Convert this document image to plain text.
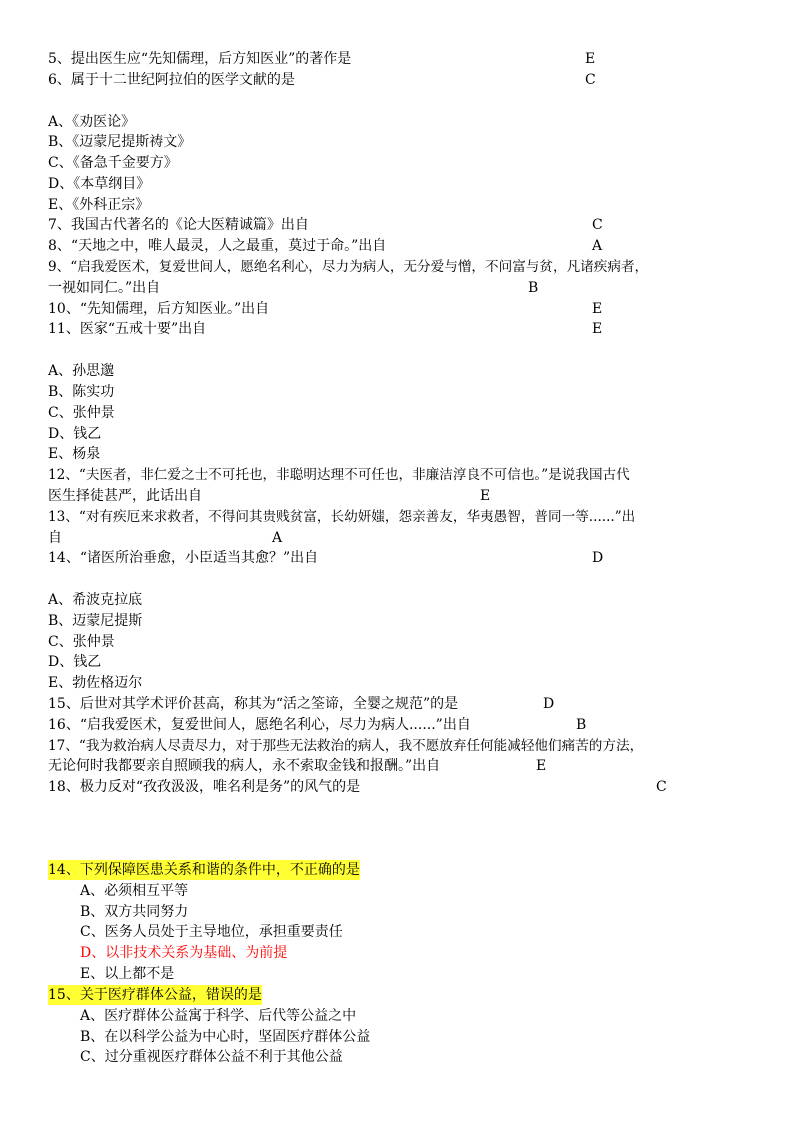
5、提出医生应“先知儒理，后方知医业”的著作是	E
6、属于十二世纪阿拉伯的医学文献的是	C
A、《劝医论》
B、《迈蒙尼提斯祷文》
C、《备急千金要方》
D、《本草纲目》
E、《外科正宗》
7、我国古代著名的《论大医精诚篇》出自	C
8、“天地之中，唯人最灵，人之最重，莫过于命。”出自	A
9、“启我爱医术，复爱世间人，愿绝名利心，尽力为病人，无分爱与憎，不问富与贫，凡诸疾病者，
一视如同仁。”出自	B
10、“先知儒理，后方知医业。”出自	E
11、医家“五戒十要”出自	E
A、孙思邈
B、陈实功
C、张仲景
D、钱乙
E、杨泉
12、“夫医者，非仁爱之士不可托也，非聪明达理不可任也，非廉洁淳良不可信也。”是说我国古代
医生择徒甚严，此话出自	E
13、“对有疾厄来求救者，不得问其贵贱贫富，长幼妍媸，怨亲善友，华夷愚智，普同一等......”出
自	A
14、“诸医所治垂愈，小臣适当其愈？”出自	D
A、希波克拉底
B、迈蒙尼提斯
C、张仲景
D、钱乙
E、勃佐格迈尔
15、后世对其学术评价甚高，称其为“活之筌谛，全婴之规范”的是	D
16、“启我爱医术，复爱世间人，愿绝名利心，尽力为病人......”出自	B
17、“我为救治病人尽责尽力，对于那些无法救治的病人，我不愿放弃任何能减轻他们痛苦的方法，
无论何时我都要亲自照顾我的病人，永不索取金钱和报酬。”出自	E
18、极力反对“孜孜汲汲，唯名利是务”的风气的是	C
14、下列保障医患关系和谐的条件中，不正确的是
A、必须相互平等
B、双方共同努力
C、医务人员处于主导地位，承担重要责任
D、以非技术关系为基础、为前提
E、以上都不是
15、关于医疗群体公益，错误的是
A、医疗群体公益寓于科学、后代等公益之中
B、在以科学公益为中心时，坚固医疗群体公益
C、过分重视医疗群体公益不利于其他公益
